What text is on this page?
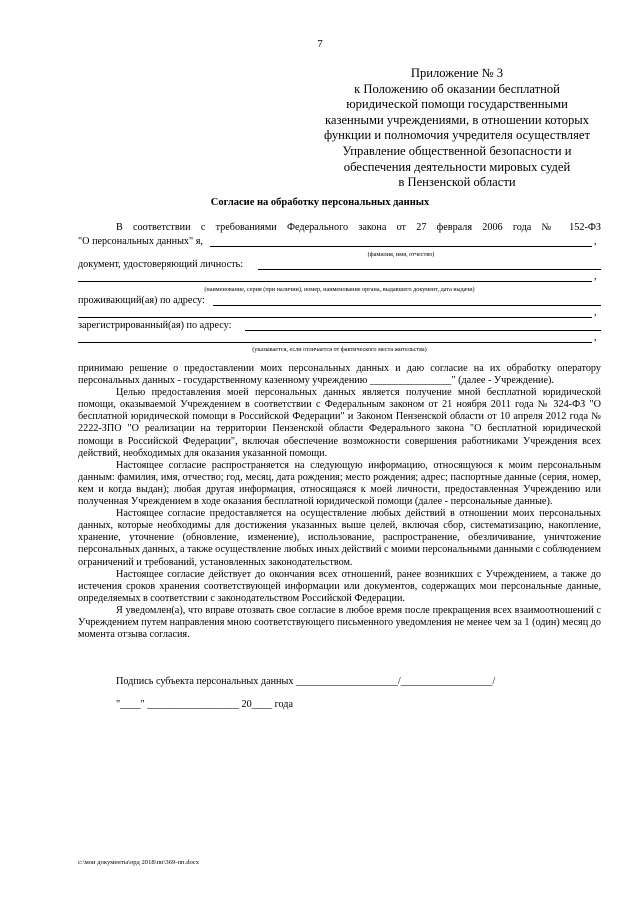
7
Приложение № 3
к Положению об оказании бесплатной
юридической помощи государственными
казенными учреждениями, в отношении которых
функции и полномочия учредителя осуществляет
Управление общественной безопасности и
обеспечения деятельности мировых судей
в Пензенской области
Согласие на обработку персональных данных
В соответствии с требованиями Федерального закона от 27 февраля 2006 года № 152-ФЗ
"О персональных данных" я,	,
(фамилия, имя, отчество)
документ, удостоверяющий личность:
,
(наименование, серия (при наличии), номер, наименование органа, выдавшего документ, дата выдачи)
проживающий(ая) по адресу:
,
зарегистрированный(ая) по адресу:
,
(указывается, если отличается от фактического места жительства)

принимаю решение о предоставлении моих персональных данных и даю согласие на их обработку оператору персональных данных - государственному казенному учреждению ________________" (далее - Учреждение).

Целью предоставления моей персональных данных является получение мной бесплатной юридической помощи, оказываемой Учреждением в соответствии с Федеральным законом от 21 ноября 2011 года № 324-ФЗ "О бесплатной юридической помощи в Российской Федерации" и Законом Пензенской области от 10 апреля 2012 года № 2222-ЗПО "О реализации на территории Пензенской области Федерального закона "О бесплатной юридической помощи в Российской Федерации", включая обеспечение возможности совершения работниками Учреждения всех действий, необходимых для оказания указанной помощи.

Настоящее согласие распространяется на следующую информацию, относящуюся к моим персональным данным: фамилия, имя, отчество; год, месяц, дата рождения; место рождения; адрес; паспортные данные (серия, номер, кем и когда выдан); любая другая информация, относящаяся к моей личности, предоставленная Учреждению или полученная Учреждением в ходе оказания бесплатной юридической помощи (далее - персональные данные).

Настоящее согласие предоставляется на осуществление любых действий в отношении моих персональных данных, которые необходимы для достижения указанных выше целей, включая сбор, систематизацию, накопление, хранение, уточнение (обновление, изменение), использование, распространение, обезличивание, уничтожение персональных данных, а также осуществление любых иных действий с моими персональными данными с соблюдением ограничений и требований, установленных законодательством.

Настоящее согласие действует до окончания всех отношений, ранее возникших с Учреждением, а также до истечения сроков хранения соответствующей информации или документов, содержащих мои персональные данные, определяемых в соответствии с законодательством Российской Федерации.

Я уведомлен(а), что вправе отозвать свое согласие в любое время после прекращения всех взаимоотношений с Учреждением путем направления мною соответствующего письменного уведомления не менее чем за 1 (один) месяц до момента отзыва согласия.

Подпись субъекта персональных данных ____________________/__________________/
"____" __________________ 20____ года
c:\мои документы\орд 2018\пп\369-пп.docx
